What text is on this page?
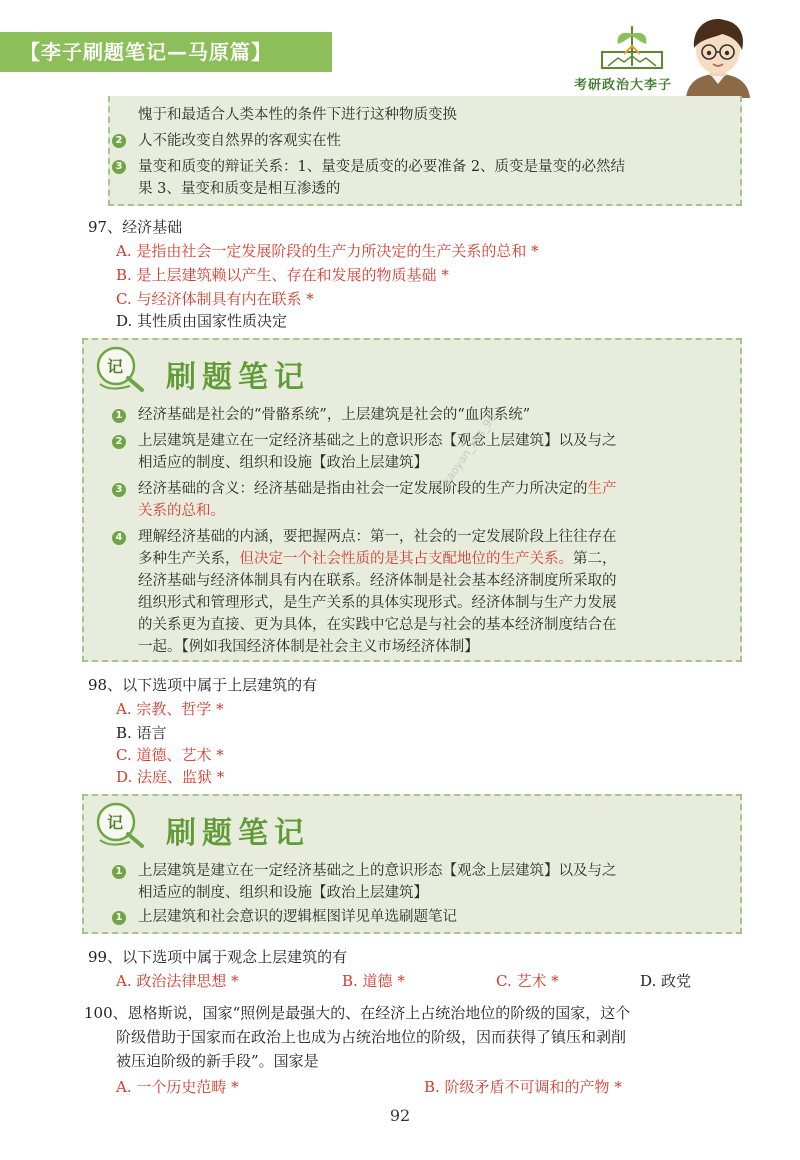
【李子刷题笔记—马原篇】
考研政治大李子
愧于和最适合人类本性的条件下进行这种物质变换
2 人不能改变自然界的客观实在性
3 量变和质变的辩证关系：1、量变是质变的必要准备 2、质变是量变的必然结
果 3、量变和质变是相互渗透的
97、经济基础
A. 是指由社会一定发展阶段的生产力所决定的生产关系的总和 *
B. 是上层建筑赖以产生、存在和发展的物质基础 *
C. 与经济体制具有内在联系 *
D. 其性质由国家性质决定
记 刷题笔记
1 经济基础是社会的“骨骼系统”，上层建筑是社会的“血肉系统”
2 上层建筑是建立在一定经济基础之上的意识形态【观念上层建筑】以及与之
相适应的制度、组织和设施【政治上层建筑】
3 经济基础的含义：经济基础是指由社会一定发展阶段的生产力所决定的生产
关系的总和。
4 理解经济基础的内涵，要把握两点：第一，社会的一定发展阶段上往往存在
多种生产关系，但决定一个社会性质的是其占支配地位的生产关系。第二，
经济基础与经济体制具有内在联系。经济体制是社会基本经济制度所采取的
组织形式和管理形式，是生产关系的具体实现形式。经济体制与生产力发展
的关系更为直接、更为具体，在实践中它总是与社会的基本经济制度结合在
一起。【例如我国经济体制是社会主义市场经济体制】
98、以下选项中属于上层建筑的有
A. 宗教、哲学 *
B. 语言
C. 道德、艺术 *
D. 法庭、监狱 *
记 刷题笔记
1 上层建筑是建立在一定经济基础之上的意识形态【观念上层建筑】以及与之
相适应的制度、组织和设施【政治上层建筑】
1 上层建筑和社会意识的逻辑框图详见单选刷题笔记
99、以下选项中属于观念上层建筑的有
A. 政治法律思想 *	B. 道德 *	C. 艺术 *	D. 政党
100、恩格斯说，国家“照例是最强大的、在经济上占统治地位的阶级的国家，这个
阶级借助于国家而在政治上也成为占统治地位的阶级，因而获得了镇压和剥削
被压迫阶级的新手段”。国家是
A. 一个历史范畴 *	B. 阶级矛盾不可调和的产物 *
kaoyan_xhs_96
92
